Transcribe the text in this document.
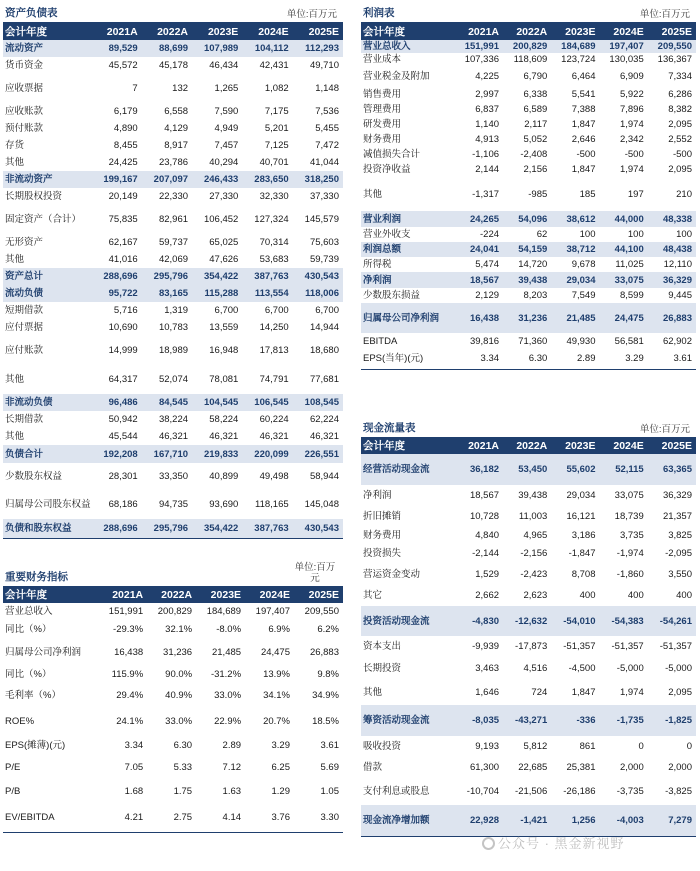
资产负债表	单位:百万元
会计年度	2021A	2022A	2023E	2024E	2025E
流动资产	89,529	88,699	107,989	104,112	112,293
货币资金	45,572	45,178	46,434	42,431	49,710
应收票据	7	132	1,265	1,082	1,148
应收账款	6,179	6,558	7,590	7,175	7,536
预付账款	4,890	4,129	4,949	5,201	5,455
存货	8,455	8,917	7,457	7,125	7,472
其他	24,425	23,786	40,294	40,701	41,044
非流动资产	199,167	207,097	246,433	283,650	318,250
长期股权投资	20,149	22,330	27,330	32,330	37,330
固定资产（合计）	75,835	82,961	106,452	127,324	145,579
无形资产	62,167	59,737	65,025	70,314	75,603
其他	41,016	42,069	47,626	53,683	59,739
资产总计	288,696	295,796	354,422	387,763	430,543
流动负债	95,722	83,165	115,288	113,554	118,006
短期借款	5,716	1,319	6,700	6,700	6,700
应付票据	10,690	10,783	13,559	14,250	14,944
应付账款	14,999	18,989	16,948	17,813	18,680
其他	64,317	52,074	78,081	74,791	77,681
非流动负债	96,486	84,545	104,545	106,545	108,545
长期借款	50,942	38,224	58,224	60,224	62,224
其他	45,544	46,321	46,321	46,321	46,321
负债合计	192,208	167,710	219,833	220,099	226,551
少数股东权益	28,301	33,350	40,899	49,498	58,944
归属母公司股东权益	68,186	94,735	93,690	118,165	145,048
负债和股东权益	288,696	295,796	354,422	387,763	430,543
重要财务指标
单位:百万
元
会计年度	2021A	2022A	2023E	2024E	2025E
营业总收入	151,991	200,829	184,689	197,407	209,550
同比（%）	-29.3%	32.1%	-8.0%	6.9%	6.2%
归属母公司净利润	16,438	31,236	21,485	24,475	26,883
同比（%）	115.9%	90.0%	-31.2%	13.9%	9.8%
毛利率（%）	29.4%	40.9%	33.0%	34.1%	34.9%
ROE%	24.1%	33.0%	22.9%	20.7%	18.5%
EPS(摊薄)(元)	3.34	6.30	2.89	3.29	3.61
P/E	7.05	5.33	7.12	6.25	5.69
P/B	1.68	1.75	1.63	1.29	1.05
EV/EBITDA	4.21	2.75	4.14	3.76	3.30
利润表	单位:百万元
会计年度	2021A	2022A	2023E	2024E	2025E
营业总收入	151,991	200,829	184,689	197,407	209,550
营业成本	107,336	118,609	123,724	130,035	136,367
营业税金及附加	4,225	6,790	6,464	6,909	7,334
销售费用	2,997	6,338	5,541	5,922	6,286
管理费用	6,837	6,589	7,388	7,896	8,382
研发费用	1,140	2,117	1,847	1,974	2,095
财务费用	4,913	5,052	2,646	2,342	2,552
减值损失合计	-1,106	-2,408	-500	-500	-500
投资净收益	2,144	2,156	1,847	1,974	2,095
其他	-1,317	-985	185	197	210
营业利润	24,265	54,096	38,612	44,000	48,338
营业外收支	-224	62	100	100	100
利润总额	24,041	54,159	38,712	44,100	48,438
所得税	5,474	14,720	9,678	11,025	12,110
净利润	18,567	39,438	29,034	33,075	36,329
少数股东损益	2,129	8,203	7,549	8,599	9,445
归属母公司净利润	16,438	31,236	21,485	24,475	26,883
EBITDA	39,816	71,360	49,930	56,581	62,902
EPS(当年)(元)	3.34	6.30	2.89	3.29	3.61
现金流量表	单位:百万元
会计年度	2021A	2022A	2023E	2024E	2025E
经营活动现金流	36,182	53,450	55,602	52,115	63,365
净利润	18,567	39,438	29,034	33,075	36,329
折旧摊销	10,728	11,003	16,121	18,739	21,357
财务费用	4,840	4,965	3,186	3,735	3,825
投资损失	-2,144	-2,156	-1,847	-1,974	-2,095
营运资金变动	1,529	-2,423	8,708	-1,860	3,550
其它	2,662	2,623	400	400	400
投资活动现金流	-4,830	-12,632	-54,010	-54,383	-54,261
资本支出	-9,939	-17,873	-51,357	-51,357	-51,357
长期投资	3,463	4,516	-4,500	-5,000	-5,000
其他	1,646	724	1,847	1,974	2,095
筹资活动现金流	-8,035	-43,271	-336	-1,735	-1,825
吸收投资	9,193	5,812	861	0	0
借款	61,300	22,685	25,381	2,000	2,000
支付利息或股息	-10,704	-21,506	-26,186	-3,735	-3,825
现金流净增加额	22,928	-1,421	1,256	-4,003	7,279
公众号 · 黑金新视野
